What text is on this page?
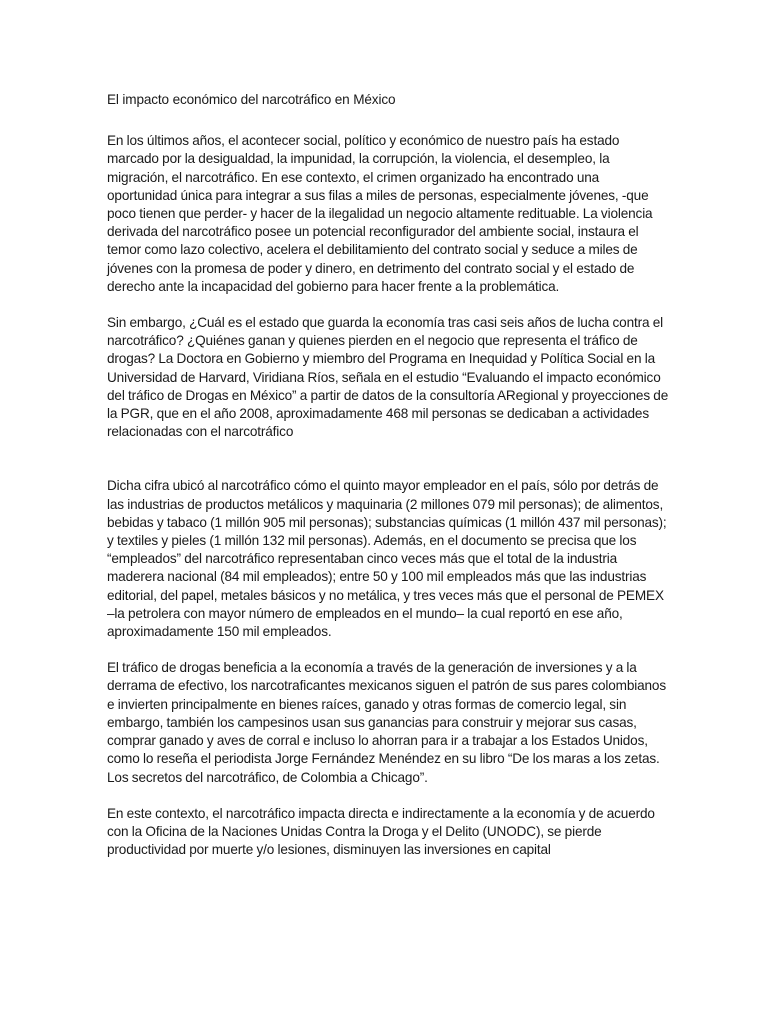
El impacto económico del narcotráfico en México

En los últimos años, el acontecer social, político y económico de nuestro país ha estado marcado por la desigualdad, la impunidad, la corrupción, la violencia, el desempleo, la migración, el narcotráfico. En ese contexto, el crimen organizado ha encontrado una oportunidad única para integrar a sus filas a miles de personas, especialmente jóvenes, -que poco tienen que perder- y hacer de la ilegalidad un negocio altamente redituable. La violencia derivada del narcotráfico posee un potencial reconfigurador del ambiente social, instaura el temor como lazo colectivo, acelera el debilitamiento del contrato social y seduce a miles de jóvenes con la promesa de poder y dinero, en detrimento del contrato social y el estado de derecho ante la incapacidad del gobierno para hacer frente a la problemática.

Sin embargo, ¿Cuál es el estado que guarda la economía tras casi seis años de lucha contra el narcotráfico? ¿Quiénes ganan y quienes pierden en el negocio que representa el tráfico de drogas? La Doctora en Gobierno y miembro del Programa en Inequidad y Política Social en la Universidad de Harvard, Viridiana Ríos, señala en el estudio “Evaluando el impacto económico del tráfico de Drogas en México” a partir de datos de la consultoría ARegional y proyecciones de la PGR, que en el año 2008, aproximadamente 468 mil personas se dedicaban a actividades relacionadas con el narcotráfico

Dicha cifra ubicó al narcotráfico cómo el quinto mayor empleador en el país, sólo por detrás de las industrias de productos metálicos y maquinaria (2 millones 079 mil personas); de alimentos, bebidas y tabaco (1 millón 905 mil personas); substancias químicas (1 millón 437 mil personas); y textiles y pieles (1 millón 132 mil personas). Además, en el documento se precisa que los “empleados” del narcotráfico representaban cinco veces más que el total de la industria maderera nacional (84 mil empleados); entre 50 y 100 mil empleados más que las industrias editorial, del papel, metales básicos y no metálica, y tres veces más que el personal de PEMEX –la petrolera con mayor número de empleados en el mundo– la cual reportó en ese año, aproximadamente 150 mil empleados.

El tráfico de drogas beneficia a la economía a través de la generación de inversiones y a la derrama de efectivo, los narcotraficantes mexicanos siguen el patrón de sus pares colombianos e invierten principalmente en bienes raíces, ganado y otras formas de comercio legal, sin embargo, también los campesinos usan sus ganancias para construir y mejorar sus casas, comprar ganado y aves de corral e incluso lo ahorran para ir a trabajar a los Estados Unidos, como lo reseña el periodista Jorge Fernández Menéndez en su libro “De los maras a los zetas. Los secretos del narcotráfico, de Colombia a Chicago”.

En este contexto, el narcotráfico impacta directa e indirectamente a la economía y de acuerdo con la Oficina de la Naciones Unidas Contra la Droga y el Delito (UNODC), se pierde productividad por muerte y/o lesiones, disminuyen las inversiones en capital
